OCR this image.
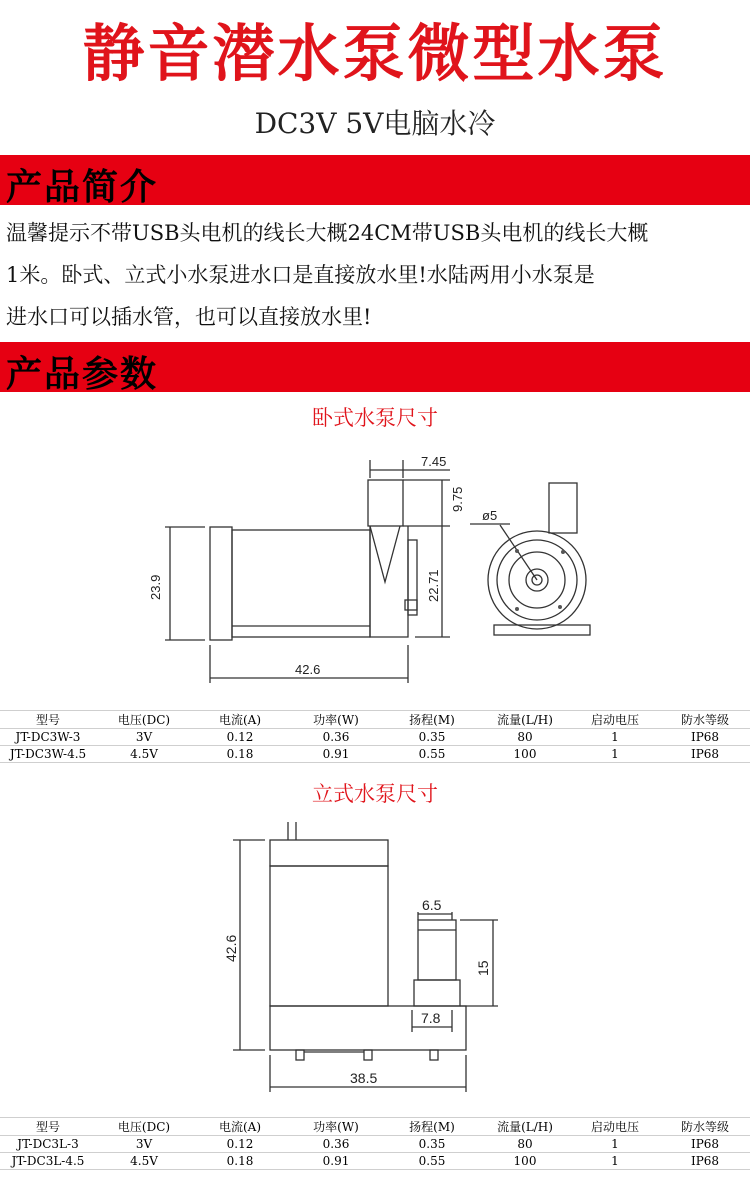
静音潜水泵微型水泵
DC3V 5V电脑水冷
产品简介
温馨提示不带USB头电机的线长大概24CM带USB头电机的线长大概
1米。卧式、立式小水泵进水口是直接放水里!水陆两用小水泵是
进水口可以插水管，也可以直接放水里!
产品参数
卧式水泵尺寸
7.45
ø5
9.75
23.9	22.71
42.6
型号	电压(DC)	电流(A)	功率(W)	扬程(M)	流量(L/H)	启动电压	防水等级
JT-DC3W-3	3V	0.12	0.36	0.35	80	1	IP68
JT-DC3W-4.5	4.5V	0.18	0.91	0.55	100	1	IP68
立式水泵尺寸
42.6
6.5
15
7.8
38.5
型号	电压(DC)	电流(A)	功率(W)	扬程(M)	流量(L/H)	启动电压	防水等级
JT-DC3L-3	3V	0.12	0.36	0.35	80	1	IP68
JT-DC3L-4.5	4.5V	0.18	0.91	0.55	100	1	IP68
